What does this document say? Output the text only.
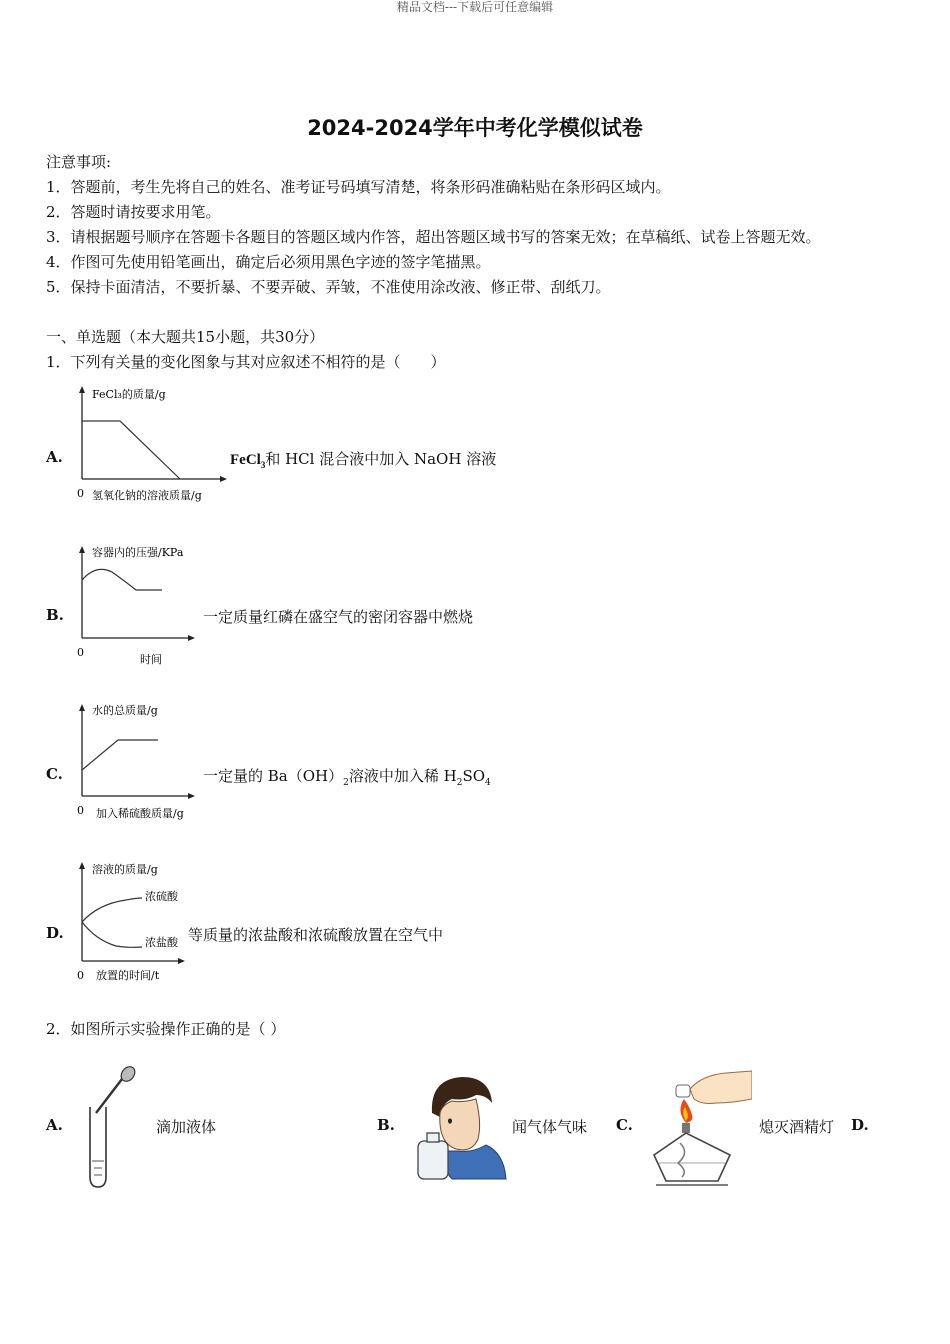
精品文档---下载后可任意编辑
2024-2024学年中考化学模似试卷
注意事项:
1．答题前，考生先将自己的姓名、准考证号码填写清楚，将条形码准确粘贴在条形码区域内。
2．答题时请按要求用笔。
3．请根据题号顺序在答题卡各题目的答题区域内作答，超出答题区域书写的答案无效；在草稿纸、试卷上答题无效。
4．作图可先使用铅笔画出，确定后必须用黑色字迹的签字笔描黑。
5．保持卡面清洁，不要折暴、不要弄破、弄皱，不准使用涂改液、修正带、刮纸刀。
一、单选题（本大题共15小题，共30分）
1．下列有关量的变化图象与其对应叙述不相符的是（　　）
A.
FeCl₃的质量/g
0 氢氧化钠的溶液质量/g
FeCl$_3$和 HCl 混合液中加入 NaOH 溶液
B.
容器内的压强/KPa
0
时间
一定质量红磷在盛空气的密闭容器中燃烧
C.
水的总质量/g
0 加入稀硫酸质量/g
一定量的 $Ba(OH)_2$溶液中加入稀 $H_2SO_4$
D.
溶液的质量/g
浓硫酸
浓盐酸
0 放置的时间/t
等质量的浓盐酸和浓硫酸放置在空气中
2．如图所示实验操作正确的是（ ）
A.	滴加液体	B.	闻气体气味 C.	熄灭酒精灯 D.
